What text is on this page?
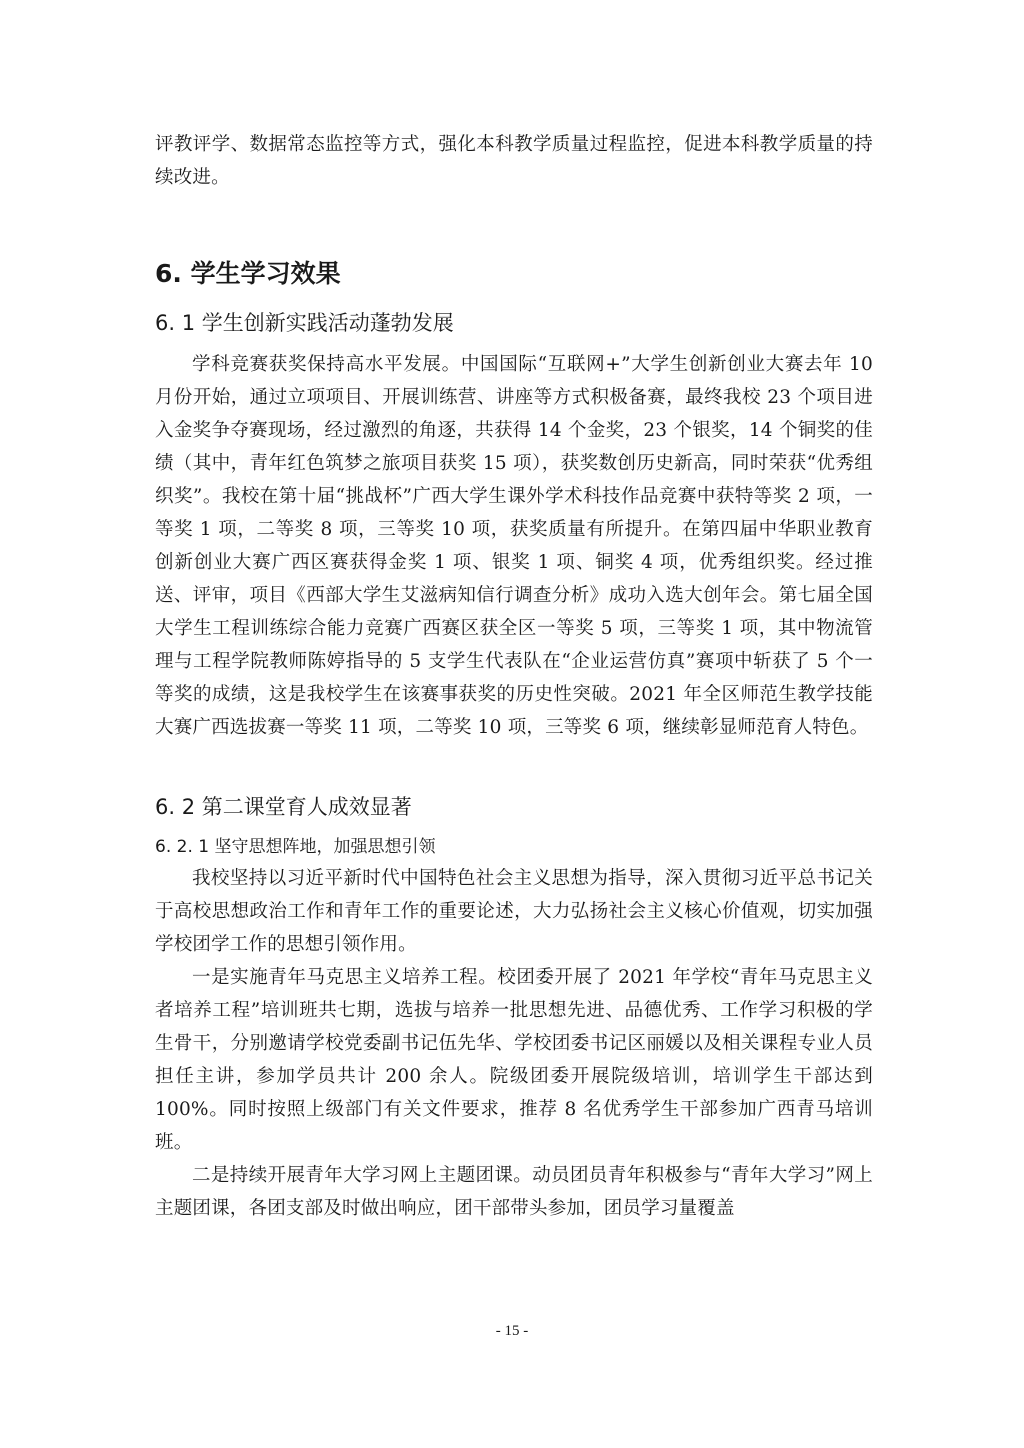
评教评学、数据常态监控等方式，强化本科教学质量过程监控，促进本科教学质量的持续改进。

6. 学生学习效果
6. 1 学生创新实践活动蓬勃发展

学科竞赛获奖保持高水平发展。中国国际“互联网+”大学生创新创业大赛去年 10 月份开始，通过立项项目、开展训练营、讲座等方式积极备赛，最终我校 23 个项目进入金奖争夺赛现场，经过激烈的角逐，共获得 14 个金奖，23 个银奖，14 个铜奖的佳绩（其中，青年红色筑梦之旅项目获奖 15 项），获奖数创历史新高，同时荣获“优秀组织奖”。我校在第十届“挑战杯”广西大学生课外学术科技作品竞赛中获特等奖 2 项，一等奖 1 项，二等奖 8 项，三等奖 10 项，获奖质量有所提升。在第四届中华职业教育创新创业大赛广西区赛获得金奖 1 项、银奖 1 项、铜奖 4 项，优秀组织奖。经过推送、评审，项目《西部大学生艾滋病知信行调查分析》成功入选大创年会。第七届全国大学生工程训练综合能力竞赛广西赛区获全区一等奖 5 项，三等奖 1 项，其中物流管理与工程学院教师陈婷指导的 5 支学生代表队在“企业运营仿真”赛项中斩获了 5 个一等奖的成绩，这是我校学生在该赛事获奖的历史性突破。2021 年全区师范生教学技能大赛广西选拔赛一等奖 11 项，二等奖 10 项，三等奖 6 项，继续彰显师范育人特色。

6. 2 第二课堂育人成效显著
6. 2. 1 坚守思想阵地，加强思想引领

我校坚持以习近平新时代中国特色社会主义思想为指导，深入贯彻习近平总书记关于高校思想政治工作和青年工作的重要论述，大力弘扬社会主义核心价值观，切实加强学校团学工作的思想引领作用。

一是实施青年马克思主义培养工程。校团委开展了 2021 年学校“青年马克思主义者培养工程”培训班共七期，选拔与培养一批思想先进、品德优秀、工作学习积极的学生骨干，分别邀请学校党委副书记伍先华、学校团委书记区丽媛以及相关课程专业人员担任主讲，参加学员共计 200 余人。院级团委开展院级培训，培训学生干部达到 100%。同时按照上级部门有关文件要求，推荐 8 名优秀学生干部参加广西青马培训班。

二是持续开展青年大学习网上主题团课。动员团员青年积极参与“青年大学习”网上主题团课，各团支部及时做出响应，团干部带头参加，团员学习量覆盖

- 15 -
